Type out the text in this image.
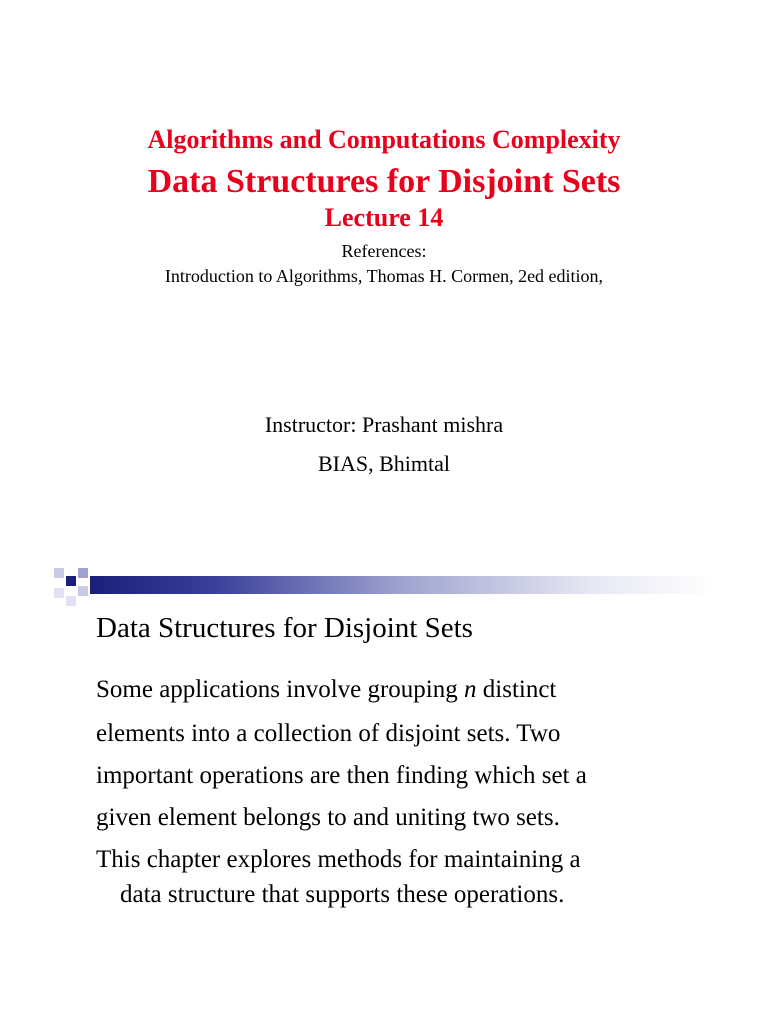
Algorithms and Computations Complexity
Data Structures for Disjoint Sets
Lecture 14
References:
Introduction to Algorithms, Thomas H. Cormen, 2ed edition,
Instructor: Prashant mishra
BIAS, Bhimtal
Data Structures for Disjoint Sets
Some applications involve grouping n distinct
elements into a collection of disjoint sets. Two
important operations are then finding which set a
given element belongs to and uniting two sets.
This chapter explores methods for maintaining a
data structure that supports these operations.
